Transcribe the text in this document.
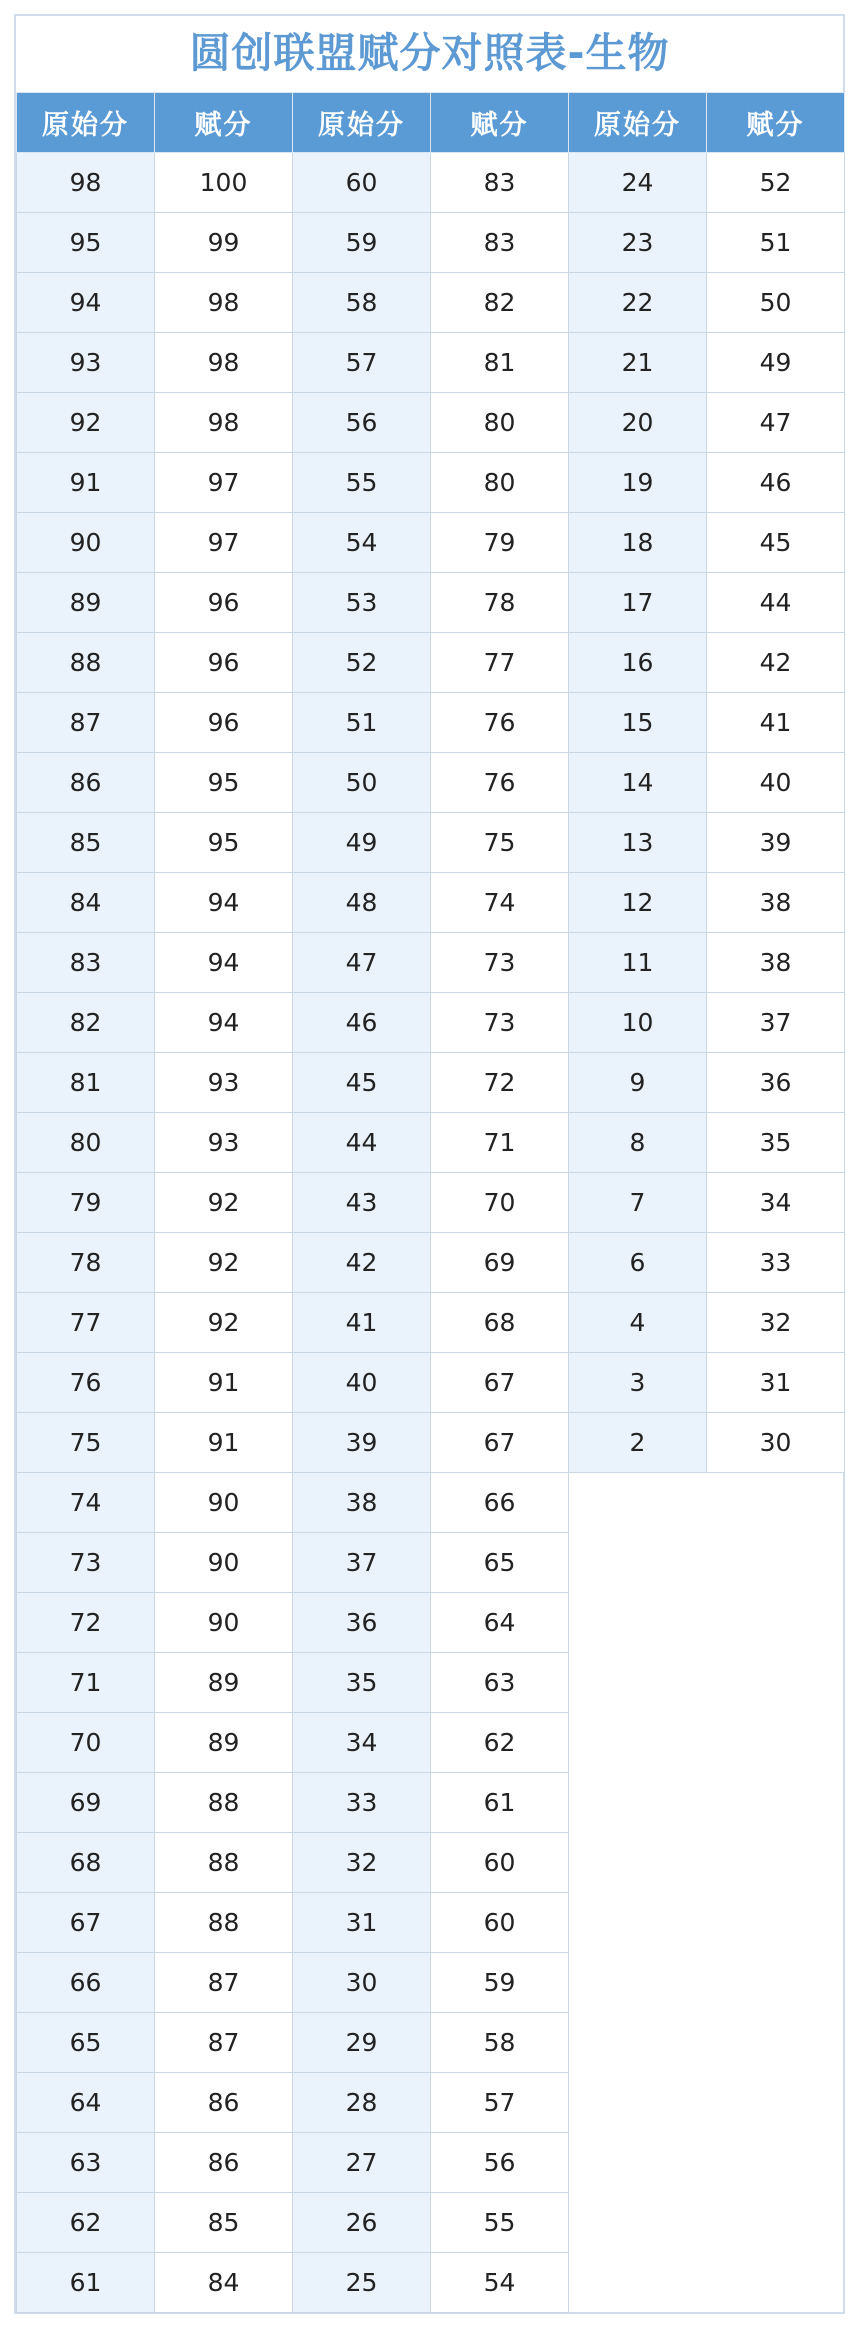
圆创联盟赋分对照表-生物
原始分	赋分	原始分	赋分	原始分	赋分
98	100	60	83	24	52
95	99	59	83	23	51
94	98	58	82	22	50
93	98	57	81	21	49
92	98	56	80	20	47
91	97	55	80	19	46
90	97	54	79	18	45
89	96	53	78	17	44
88	96	52	77	16	42
87	96	51	76	15	41
86	95	50	76	14	40
85	95	49	75	13	39
84	94	48	74	12	38
83	94	47	73	11	38
82	94	46	73	10	37
81	93	45	72	9	36
80	93	44	71	8	35
79	92	43	70	7	34
78	92	42	69	6	33
77	92	41	68	4	32
76	91	40	67	3	31
75	91	39	67	2	30
74	90	38	66		
73	90	37	65		
72	90	36	64		
71	89	35	63		
70	89	34	62		
69	88	33	61		
68	88	32	60		
67	88	31	60		
66	87	30	59		
65	87	29	58		
64	86	28	57		
63	86	27	56		
62	85	26	55		
61	84	25	54		
